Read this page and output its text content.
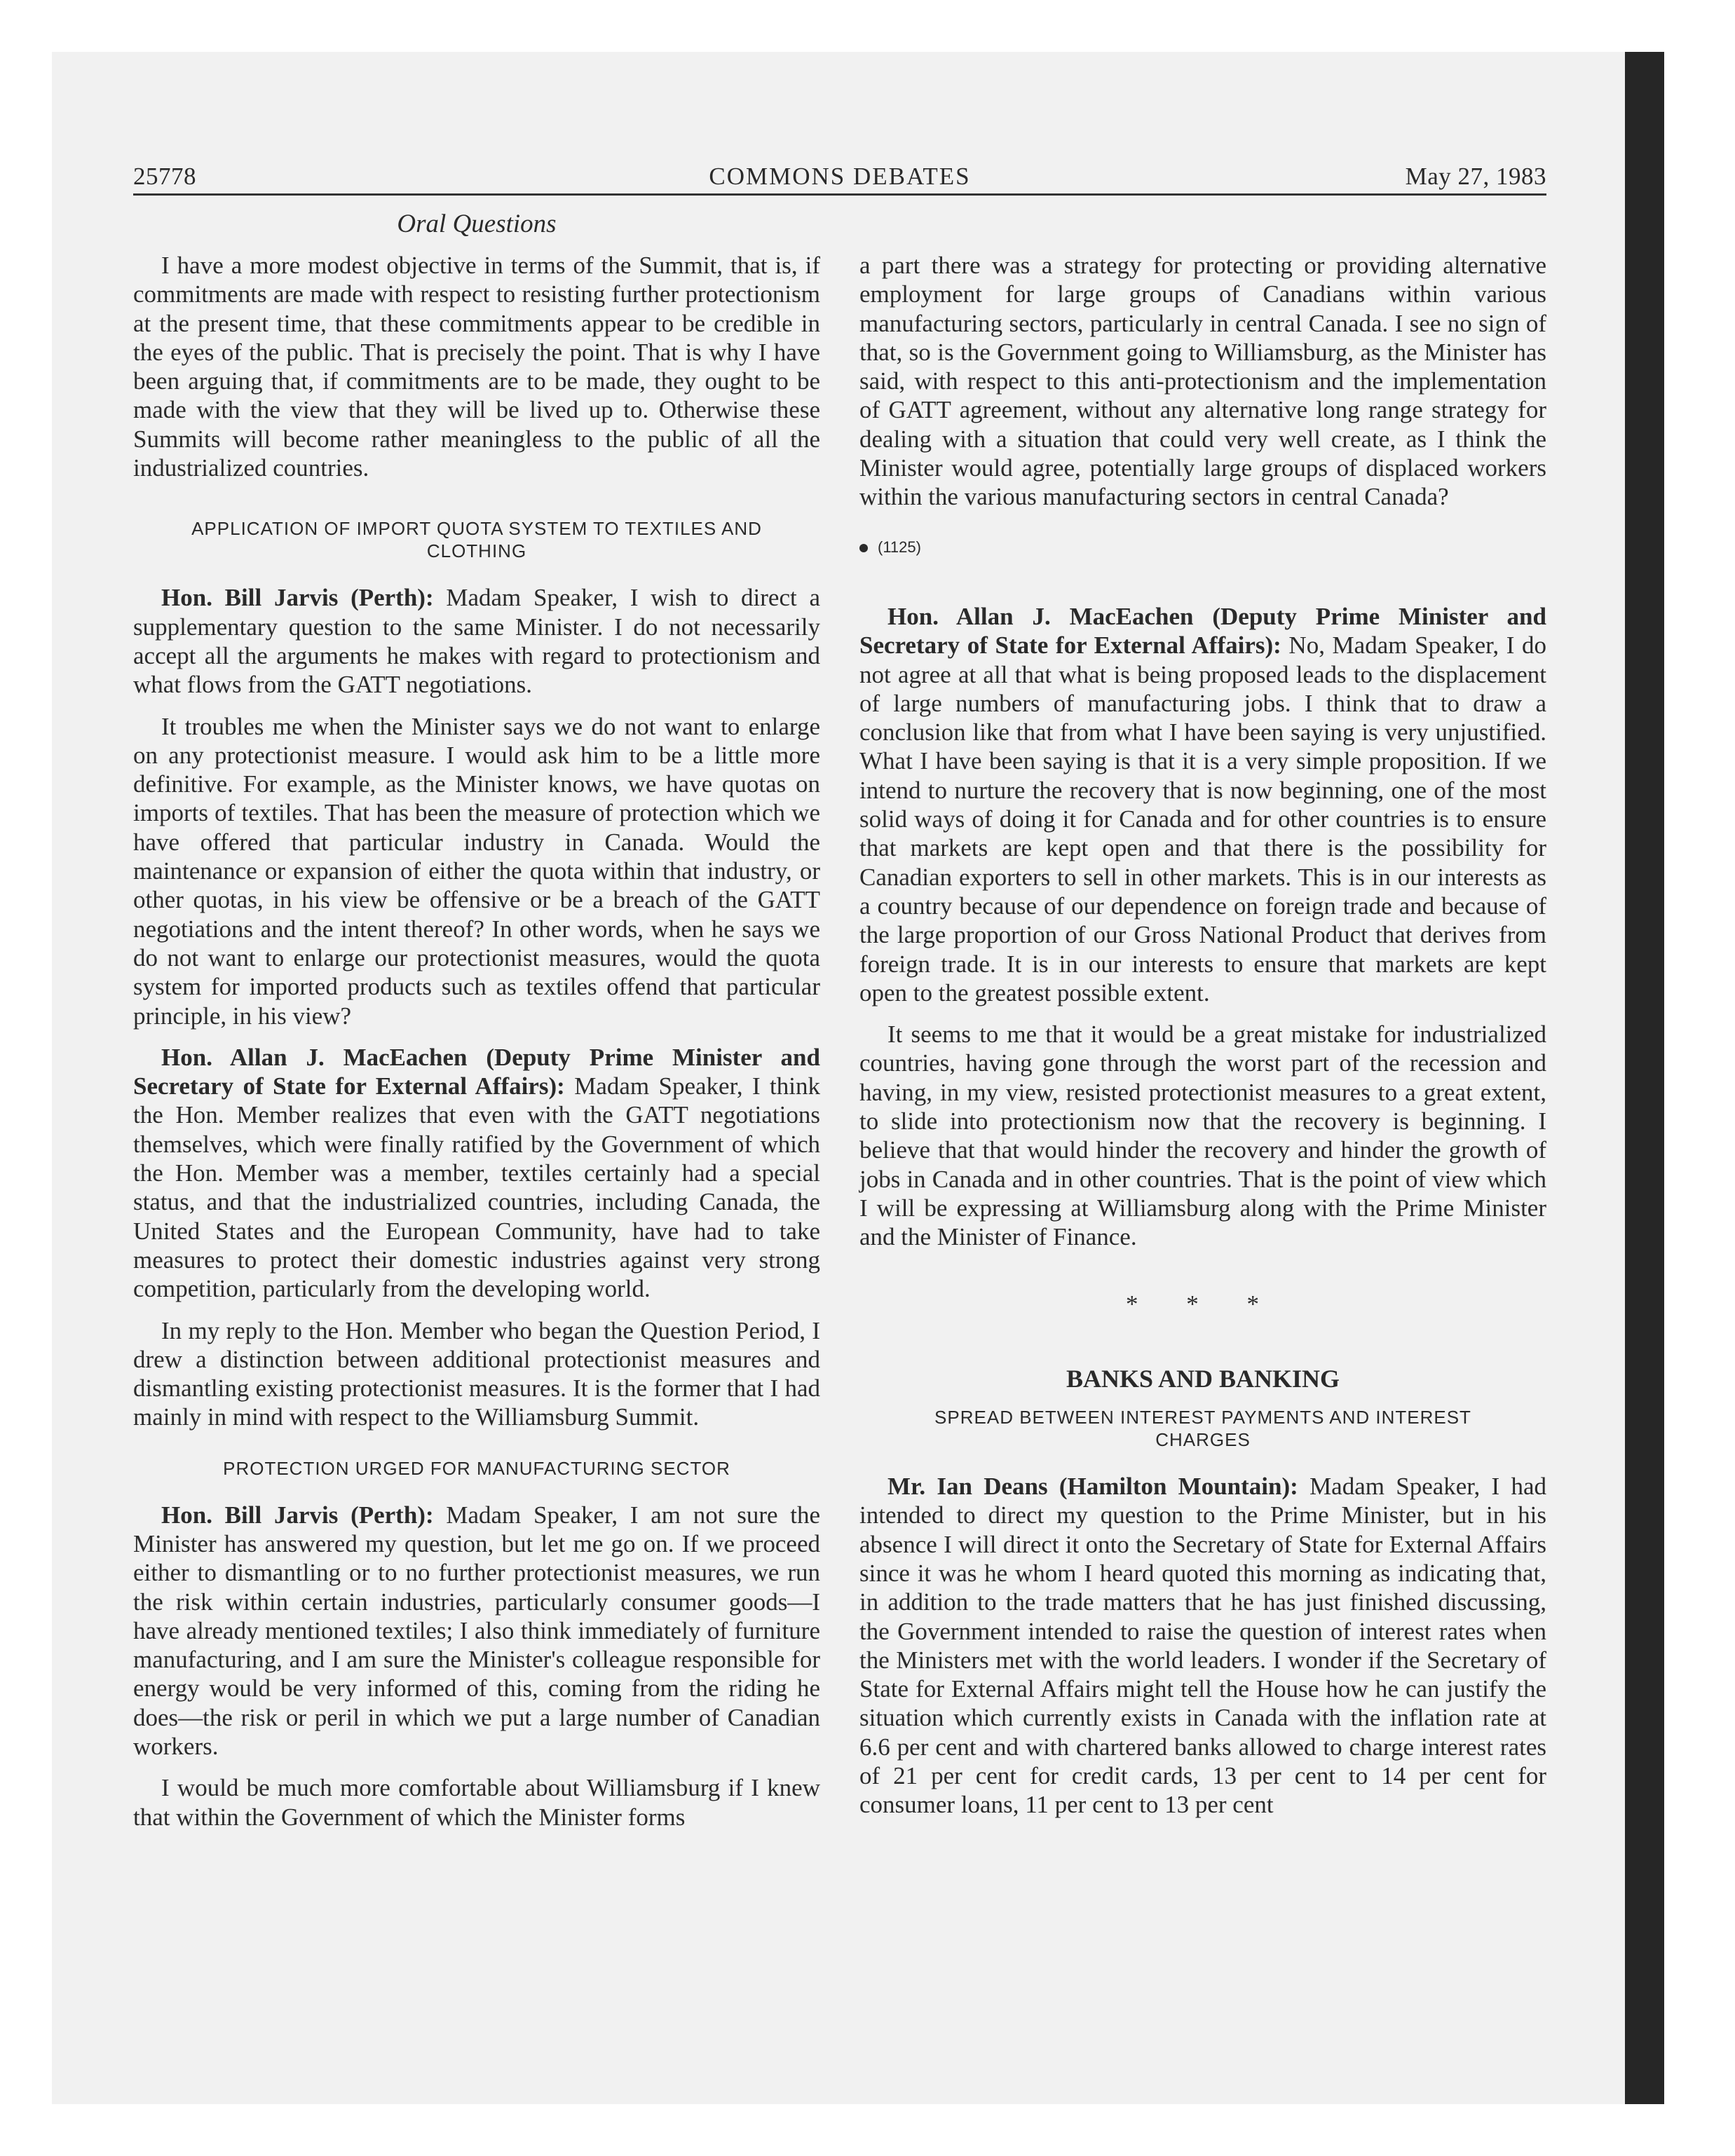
25778	COMMONS DEBATES	May 27, 1983
Oral Questions

I have a more modest objective in terms of the Summit, that is, if commitments are made with respect to resisting further protectionism at the present time, that these commitments appear to be credible in the eyes of the public. That is precisely the point. That is why I have been arguing that, if commitments are to be made, they ought to be made with the view that they will be lived up to. Otherwise these Summits will become rather meaningless to the public of all the industrialized countries.

APPLICATION OF IMPORT QUOTA SYSTEM TO TEXTILES AND CLOTHING

Hon. Bill Jarvis (Perth): Madam Speaker, I wish to direct a supplementary question to the same Minister. I do not necessarily accept all the arguments he makes with regard to protectionism and what flows from the GATT negotiations.

It troubles me when the Minister says we do not want to enlarge on any protectionist measure. I would ask him to be a little more definitive. For example, as the Minister knows, we have quotas on imports of textiles. That has been the measure of protection which we have offered that particular industry in Canada. Would the maintenance or expansion of either the quota within that industry, or other quotas, in his view be offensive or be a breach of the GATT negotiations and the intent thereof? In other words, when he says we do not want to enlarge our protectionist measures, would the quota system for imported products such as textiles offend that particular principle, in his view?

Hon. Allan J. MacEachen (Deputy Prime Minister and Secretary of State for External Affairs): Madam Speaker, I think the Hon. Member realizes that even with the GATT negotiations themselves, which were finally ratified by the Government of which the Hon. Member was a member, textiles certainly had a special status, and that the industrialized countries, including Canada, the United States and the European Community, have had to take measures to protect their domestic industries against very strong competition, particularly from the developing world.

In my reply to the Hon. Member who began the Question Period, I drew a distinction between additional protectionist measures and dismantling existing protectionist measures. It is the former that I had mainly in mind with respect to the Williamsburg Summit.

PROTECTION URGED FOR MANUFACTURING SECTOR

Hon. Bill Jarvis (Perth): Madam Speaker, I am not sure the Minister has answered my question, but let me go on. If we proceed either to dismantling or to no further protectionist measures, we run the risk within certain industries, particularly consumer goods—I have already mentioned textiles; I also think immediately of furniture manufacturing, and I am sure the Minister's colleague responsible for energy would be very informed of this, coming from the riding he does—the risk or peril in which we put a large number of Canadian workers.

I would be much more comfortable about Williamsburg if I knew that within the Government of which the Minister forms

a part there was a strategy for protecting or providing alternative employment for large groups of Canadians within various manufacturing sectors, particularly in central Canada. I see no sign of that, so is the Government going to Williamsburg, as the Minister has said, with respect to this anti-protectionism and the implementation of GATT agreement, without any alternative long range strategy for dealing with a situation that could very well create, as I think the Minister would agree, potentially large groups of displaced workers within the various manufacturing sectors in central Canada?

(1125)

Hon. Allan J. MacEachen (Deputy Prime Minister and Secretary of State for External Affairs): No, Madam Speaker, I do not agree at all that what is being proposed leads to the displacement of large numbers of manufacturing jobs. I think that to draw a conclusion like that from what I have been saying is very unjustified. What I have been saying is that it is a very simple proposition. If we intend to nurture the recovery that is now beginning, one of the most solid ways of doing it for Canada and for other countries is to ensure that markets are kept open and that there is the possibility for Canadian exporters to sell in other markets. This is in our interests as a country because of our dependence on foreign trade and because of the large proportion of our Gross National Product that derives from foreign trade. It is in our interests to ensure that markets are kept open to the greatest possible extent.

It seems to me that it would be a great mistake for industrialized countries, having gone through the worst part of the recession and having, in my view, resisted protectionist measures to a great extent, to slide into protectionism now that the recovery is beginning. I believe that that would hinder the recovery and hinder the growth of jobs in Canada and in other countries. That is the point of view which I will be expressing at Williamsburg along with the Prime Minister and the Minister of Finance.

* * *
BANKS AND BANKING
SPREAD BETWEEN INTEREST PAYMENTS AND INTEREST CHARGES

Mr. Ian Deans (Hamilton Mountain): Madam Speaker, I had intended to direct my question to the Prime Minister, but in his absence I will direct it onto the Secretary of State for External Affairs since it was he whom I heard quoted this morning as indicating that, in addition to the trade matters that he has just finished discussing, the Government intended to raise the question of interest rates when the Ministers met with the world leaders. I wonder if the Secretary of State for External Affairs might tell the House how he can justify the situation which currently exists in Canada with the inflation rate at 6.6 per cent and with chartered banks allowed to charge interest rates of 21 per cent for credit cards, 13 per cent to 14 per cent for consumer loans, 11 per cent to 13 per cent
